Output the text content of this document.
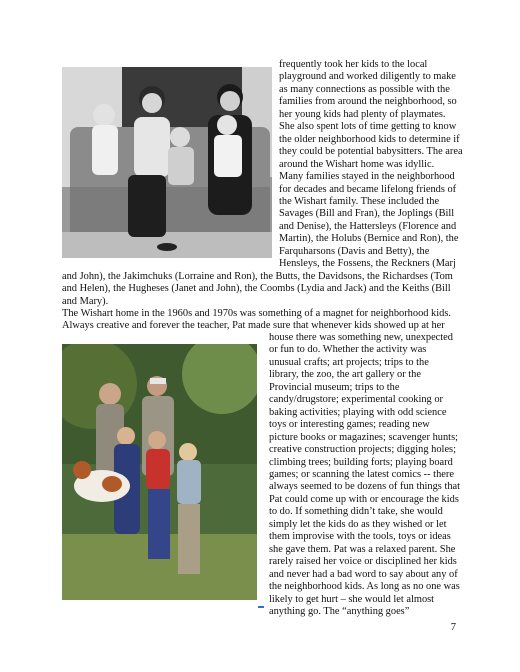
frequently took her kids to the local
playground and worked diligently to make
as many connections as possible with the
families from around the neighborhood, so
her young kids had plenty of playmates.
She also spent lots of time getting to know
the older neighborhood kids to determine if
they could be potential babysitters. The area
around the Wishart home was idyllic.
Many families stayed in the neighborhood
for decades and became lifelong friends of
the Wishart family. These included the
Savages (Bill and Fran), the Joplings (Bill
and Denise), the Hattersleys (Florence and
Martin), the Holubs (Bernice and Ron), the
Farquharsons (Davis and Betty), the
Hensleys, the Fossens, the Reckners (Marj
and John), the Jakimchuks (Lorraine and Ron), the Butts, the Davidsons, the Richardses (Tom
and Helen), the Hugheses (Janet and John), the Coombs (Lydia and Jack) and the Keiths (Bill
and Mary).
The Wishart home in the 1960s and 1970s was something of a magnet for neighborhood kids.
Always creative and forever the teacher, Pat made sure that whenever kids showed up at her
house there was something new, unexpected
or fun to do. Whether the activity was
unusual crafts; art projects; trips to the
library, the zoo, the art gallery or the
Provincial museum; trips to the
candy/drugstore; experimental cooking or
baking activities; playing with odd science
toys or interesting games; reading new
picture books or magazines; scavenger hunts;
creative construction projects; digging holes;
climbing trees; building forts; playing board
games; or scanning the latest comics -- there
always seemed to be dozens of fun things that
Pat could come up with or encourage the kids
to do. If something didn’t take, she would
simply let the kids do as they wished or let
them improvise with the tools, toys or ideas
she gave them. Pat was a relaxed parent. She
rarely raised her voice or disciplined her kids
and never had a bad word to say about any of
the neighborhood kids. As long as no one was
likely to get hurt – she would let almost
anything go. The “anything goes”
7
